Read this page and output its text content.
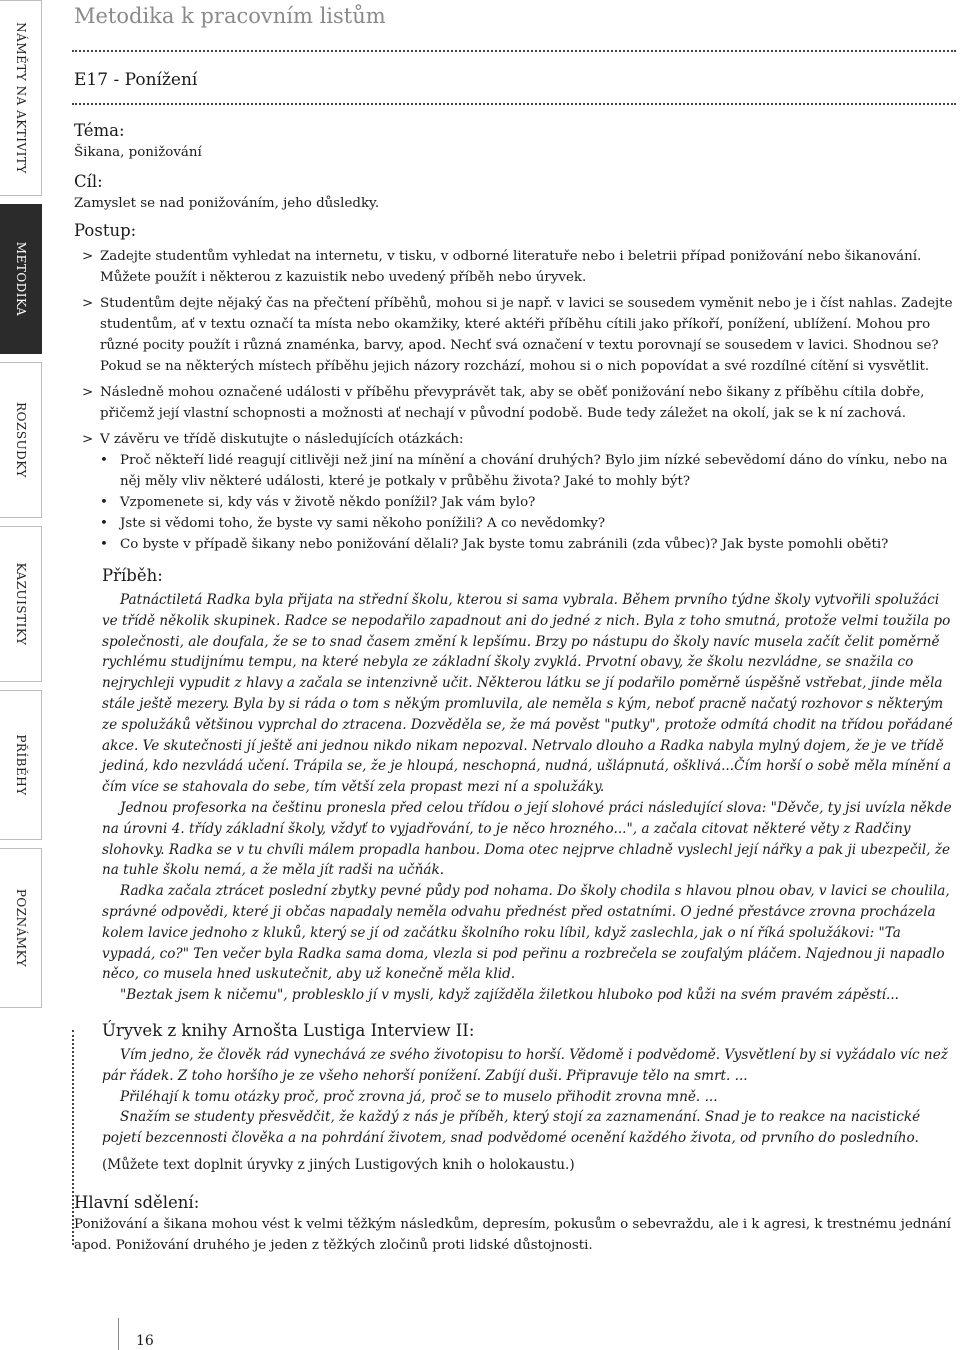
NÁMĚTY NA AKTIVITY
METODIKA
ROZSUDKY
KAZUISTIKY
PŘÍBĚHY
POZNÁMKY
Metodika k pracovním listům
E17 - Ponížení
Téma:

Šikana, ponižování

Cíl:

Zamyslet se nad ponižováním, jeho důsledky.

Postup:
> Zadejte studentům vyhledat na internetu, v tisku, v odborné literatuře nebo i beletrii případ ponižování nebo šikanování. Můžete použít i některou z kazuistik nebo uvedený příběh nebo úryvek.
> Studentům dejte nějaký čas na přečtení příběhů, mohou si je např. v lavici se sousedem vyměnit nebo je i číst nahlas. Zadejte studentům, ať v textu označí ta místa nebo okamžiky, které aktéři příběhu cítili jako příkoří, ponížení, ublížení. Mohou pro různé pocity použít i různá znaménka, barvy, apod. Nechť svá označení v textu porovnají se sousedem v lavici. Shodnou se? Pokud se na některých místech příběhu jejich názory rozchází, mohou si o nich popovídat a své rozdílné cítění si vysvětlit.
> Následně mohou označené události v příběhu převyprávět tak, aby se oběť ponižování nebo šikany z příběhu cítila dobře, přičemž její vlastní schopnosti a možnosti ať nechají v původní podobě. Bude tedy záležet na okolí, jak se k ní zachová.
> V závěru ve třídě diskutujte o následujících otázkách:
• Proč někteří lidé reagují citlivěji než jiní na mínění a chování druhých? Bylo jim nízké sebevědomí dáno do vínku, nebo na něj měly vliv některé události, které je potkaly v průběhu života? Jaké to mohly být?
• Vzpomenete si, kdy vás v životě někdo ponížil? Jak vám bylo?
• Jste si vědomi toho, že byste vy sami někoho ponížili? A co nevědomky?
• Co byste v případě šikany nebo ponižování dělali? Jak byste tomu zabránili (zda vůbec)? Jak byste pomohli oběti?
Příběh:

Patnáctiletá Radka byla přijata na střední školu, kterou si sama vybrala. Během prvního týdne školy vytvořili spolužáci ve třídě několik skupinek. Radce se nepodařilo zapadnout ani do jedné z nich. Byla z toho smutná, protože velmi toužila po společnosti, ale doufala, že se to snad časem změní k lepšímu. Brzy po nástupu do školy navíc musela začít čelit poměrně rychlému studijnímu tempu, na které nebyla ze základní školy zvyklá. Prvotní obavy, že školu nezvládne, se snažila co nejrychleji vypudit z hlavy a začala se intenzivně učit. Některou látku se jí podařilo poměrně úspěšně vstřebat, jinde měla stále ještě mezery. Byla by si ráda o tom s někým promluvila, ale neměla s kým, neboť pracně načatý rozhovor s některým ze spolužáků většinou vyprchal do ztracena. Dozvěděla se, že má pověst "putky", protože odmítá chodit na třídou pořádané akce. Ve skutečnosti jí ještě ani jednou nikdo nikam nepozval. Netrvalo dlouho a Radka nabyla mylný dojem, že je ve třídě jediná, kdo nezvládá učení. Trápila se, že je hloupá, neschopná, nudná, ušlápnutá, ošklivá...Čím horší o sobě měla mínění a čím více se stahovala do sebe, tím větší zela propast mezi ní a spolužáky.

Jednou profesorka na češtinu pronesla před celou třídou o její slohové práci následující slova: "Děvče, ty jsi uvízla někde na úrovni 4. třídy základní školy, vždyť to vyjadřování, to je něco hrozného...", a začala citovat některé věty z Radčiny slohovky. Radka se v tu chvíli málem propadla hanbou. Doma otec nejprve chladně vyslechl její nářky a pak ji ubezpečil, že na tuhle školu nemá, a že měla jít radši na učňák.

Radka začala ztrácet poslední zbytky pevné půdy pod nohama. Do školy chodila s hlavou plnou obav, v lavici se choulila, správné odpovědi, které ji občas napadaly neměla odvahu přednést před ostatními. O jedné přestávce zrovna procházela kolem lavice jednoho z kluků, který se jí od začátku školního roku líbil, když zaslechla, jak o ní říká spolužákovi: "Ta vypadá, co?" Ten večer byla Radka sama doma, vlezla si pod peřinu a rozbrečela se zoufalým pláčem. Najednou ji napadlo něco, co musela hned uskutečnit, aby už konečně měla klid.

"Beztak jsem k ničemu", problesklo jí v mysli, když zajížděla žiletkou hluboko pod kůži na svém pravém zápěstí...

Úryvek z knihy Arnošta Lustiga Interview II:

Vím jedno, že člověk rád vynechává ze svého životopisu to horší. Vědomě i podvědomě. Vysvětlení by si vyžádalo víc než pár řádek. Z toho horšího je ze všeho nehorší ponížení. Zabíjí duši. Připravuje tělo na smrt. ...

Přiléhají k tomu otázky proč, proč zrovna já, proč se to muselo přihodit zrovna mně. ...

Snažím se studenty přesvědčit, že každý z nás je příběh, který stojí za zaznamenání. Snad je to reakce na nacistické pojetí bezcennosti člověka a na pohrdání životem, snad podvědomé ocenění každého života, od prvního do posledního.

(Můžete text doplnit úryvky z jiných Lustigových knih o holokaustu.)

Hlavní sdělení:

Ponižování a šikana mohou vést k velmi těžkým následkům, depresím, pokusům o sebevraždu, ale i k agresi, k trestnému jednání apod. Ponižování druhého je jeden z těžkých zločinů proti lidské důstojnosti.

16
